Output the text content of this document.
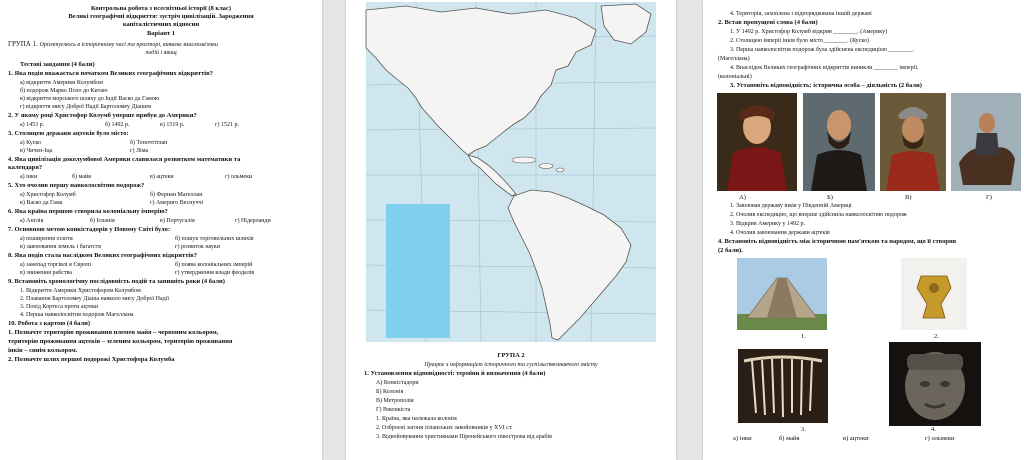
Контрольна робота з всесвітньої історії (8 клас)
Великі географічні відкриття: зустріч цивілізацій. Зародження
капіталістичних відносин
Варіант 1
ГРУПА 1. Орієнтуємось в історичному часі та просторі, виявляє взаємозв'язки
подій і явищ
Тестові завдання (4 бали)
1. Яка подія вважається початком Великих географічних відкриттів?
а) відкриття Америки Колумбом
б) подорож Марко Поло до Китаю
в) відкриття морського шляху до Індії Васко да Гамою
г) відкриття мису Доброї Надії Бартоломеу Діашем
2. У якому році Христофор Колумб уперше прибув до Америки?
а) 1453 р.	б) 1492 р.	в) 1519 р.	г) 1521 р.
3. Столицею держави ацтеків було місто:
а) Куско	б) Теночтітлан
в) Чичен-Іца	г) Ліма
4. Яка цивілізація доколумбової Америки славилася розвитком математики та
календаря?
а) інки	б) майя	в) ацтеки	г) ольмеки
5. Хто очолив першу навколосвітню подорож?
а) Христофор Колумб	б) Фернан Магеллан
в) Васко да Гама	г) Америго Веспуччі
6. Яка країна першою створила колоніальну імперію?
а) Англія	б) Іспанія	в) Португалія	г) Нідерланди
7. Основною метою конкістадорів у Новому Світі було:
а) поширення освіти	б) пошук торговельних шляхів
в) завоювання земель і багатств	г) розвиток науки
8. Яка подія стала наслідком Великих географічних відкриттів?
а) занепад торгівлі в Європі	б) поява колоніальних імперій
в) зниження рабства	г) утвердження влади феодалів
9. Встановіть хронологічну послідовність подій та запишіть роки (4 бали)
1. Відкриття Америки Христофором Колумбом
2. Плавання Бартоломеу Діаша навколо мису Доброї Надії
3. Похід Кортеса проти ацтеки
4. Перша навколосвітня подорож Магеллана
10. Робота з картою (4 бали)
1. Позначте територію проживання племен майя – червоним кольором,
територію проживання ацтеків – зеленим кольором, територію проживання
інків – синім кольором.
2. Позначте шлях першої подорожі Христофора Колумба
ГРУПА 2
Працює з інформацією історичного та суспільствознавчого змісту
1. Установлення відповідності: терміни й визначення (4 бали)
А) Конкістадори
Б) Колонія
В) Метрополія
Г) Реконкіста
1. Країна, яка належала колонія
2. Озброєні загони іспанських завойовників у XVI ст.
3. Відвойовування християнами Піренейського півострова від арабів
4. Територія, захоплена і підпорядкована іншій державі
2. Встав пропущені слова (4 бали)
1. У 1492 р. Христофор Колумб відкрив ________. (Америку)
2. Столицею імперії інків було місто________. (Куско)
3. Перша навколосвітня подорож була здійснена експедицією ________.
(Магеллана)
4. Внаслідок Великих географічних відкриттів виникли ________ імперії.
(колоніальні)
3. Установіть відповідність: історична особа – діяльність (2 бали)
А)	Б)	В)	Г)
1. Завоював державу інків у Південній Америці
2. Очолив експедицію, що вперше здійснила навколосвітню подорож
3. Відкрив Америку у 1492 р.
4. Очолив завоювання держави ацтеків
4. Встановіть відповідність між історичною пам'яткою та народом, що її створив
(2 бали).
1.	2.
3.	4.
а) інки	б) майя	в) ацтеки	г) ольмеки
